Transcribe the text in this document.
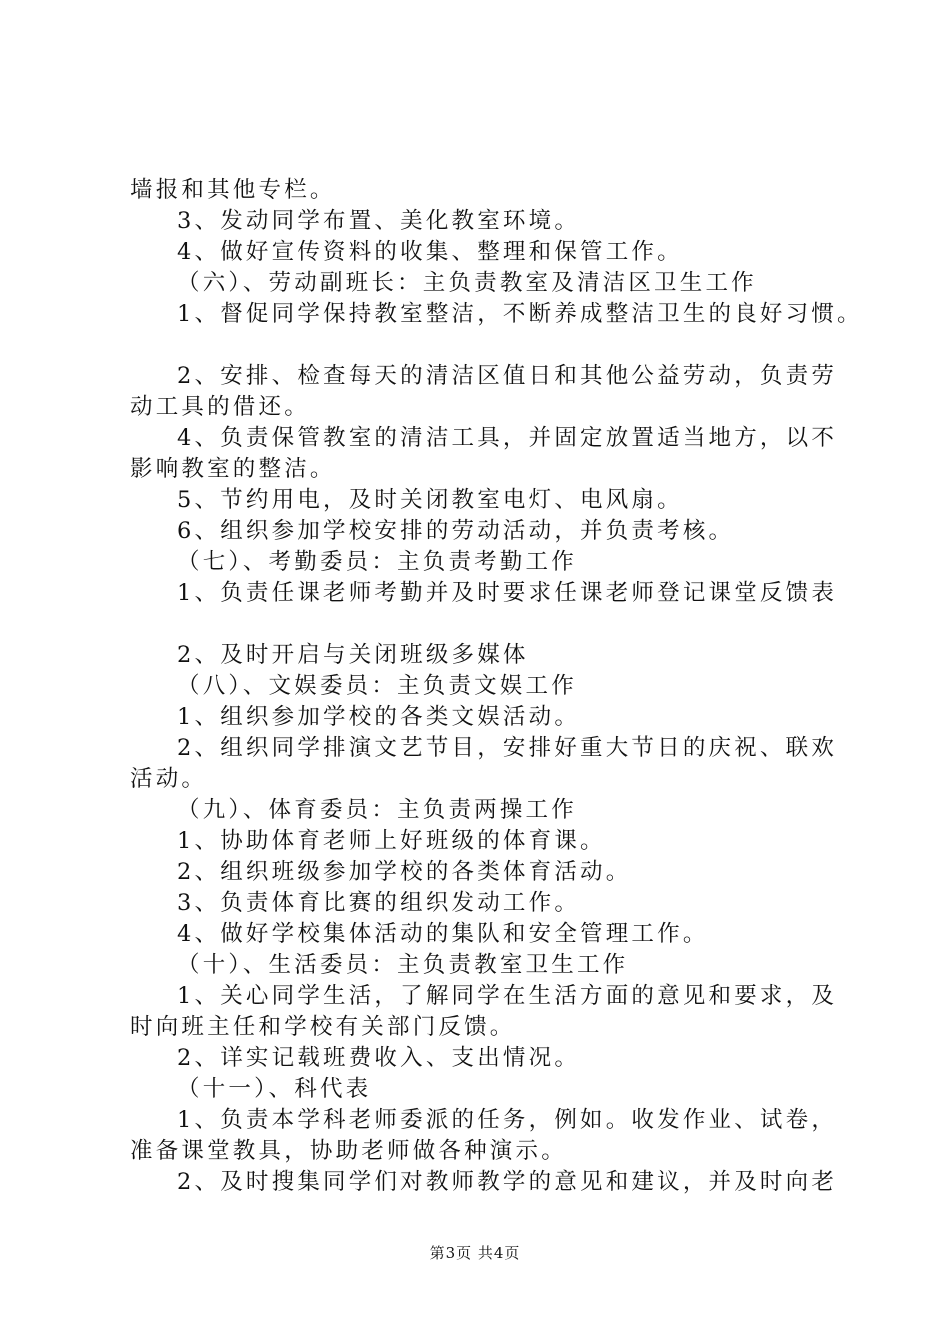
墙报和其他专栏。
3、发动同学布置、美化教室环境。
4、做好宣传资料的收集、整理和保管工作。
（六）、劳动副班长：主负责教室及清洁区卫生工作
1、督促同学保持教室整洁，不断养成整洁卫生的良好习惯。
2、安排、检查每天的清洁区值日和其他公益劳动，负责劳
动工具的借还。
4、负责保管教室的清洁工具，并固定放置适当地方，以不
影响教室的整洁。
5、节约用电，及时关闭教室电灯、电风扇。
6、组织参加学校安排的劳动活动，并负责考核。
（七）、考勤委员：主负责考勤工作
1、负责任课老师考勤并及时要求任课老师登记课堂反馈表
2、及时开启与关闭班级多媒体
（八）、文娱委员：主负责文娱工作
1、组织参加学校的各类文娱活动。
2、组织同学排演文艺节目，安排好重大节日的庆祝、联欢
活动。
（九）、体育委员：主负责两操工作
1、协助体育老师上好班级的体育课。
2、组织班级参加学校的各类体育活动。
3、负责体育比赛的组织发动工作。
4、做好学校集体活动的集队和安全管理工作。
（十）、生活委员：主负责教室卫生工作
1、关心同学生活，了解同学在生活方面的意见和要求，及
时向班主任和学校有关部门反馈。
2、详实记载班费收入、支出情况。
（十一）、科代表
1、负责本学科老师委派的任务，例如。收发作业、试卷，
准备课堂教具，协助老师做各种演示。
2、及时搜集同学们对教师教学的意见和建议，并及时向老
第3页 共4页
